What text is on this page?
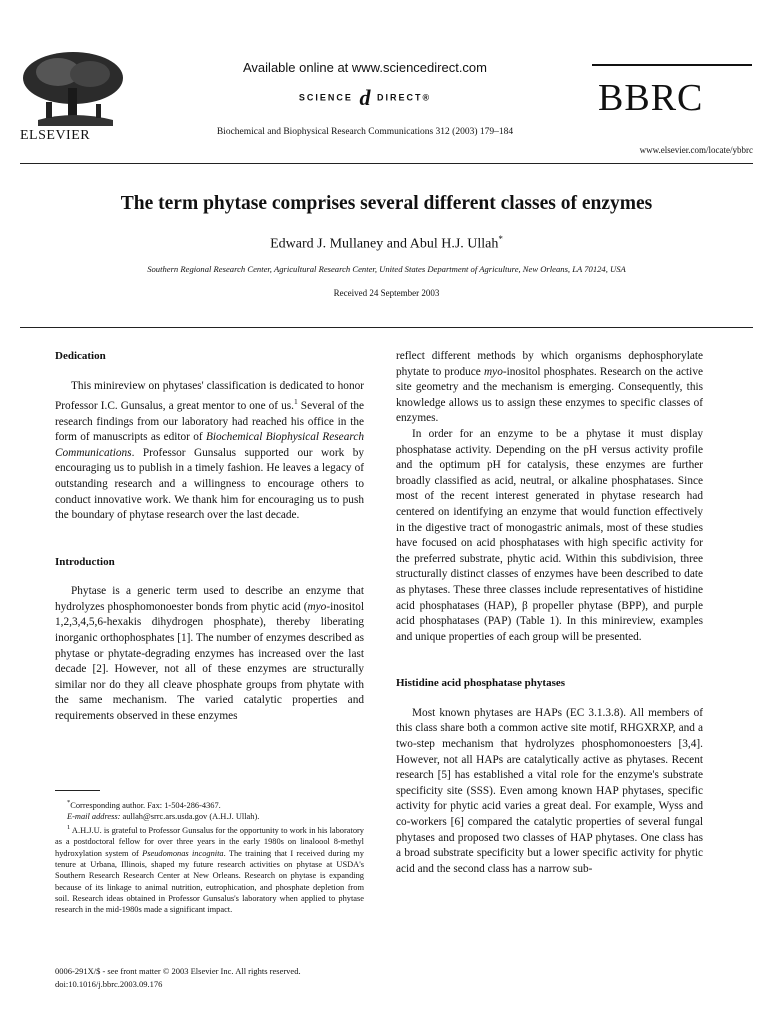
ELSEVIER
Available online at www.sciencedirect.com
SCIENCE d DIRECT®
Biochemical and Biophysical Research Communications 312 (2003) 179–184
BBRC
www.elsevier.com/locate/ybbrc
The term phytase comprises several different classes of enzymes
Edward J. Mullaney and Abul H.J. Ullah*
Southern Regional Research Center, Agricultural Research Center, United States Department of Agriculture, New Orleans, LA 70124, USA
Received 24 September 2003
Dedication

This minireview on phytases' classification is dedicated to honor Professor I.C. Gunsalus, a great mentor to one of us.$^1$ Several of the research findings from our laboratory had reached his office in the form of manuscripts as editor of Biochemical Biophysical Research Communications. Professor Gunsalus supported our work by encouraging us to publish in a timely fashion. He leaves a legacy of outstanding research and a willingness to encourage others to conduct innovative work. We thank him for encouraging us to push the boundary of phytase research over the last decade.

Introduction

Phytase is a generic term used to describe an enzyme that hydrolyzes phosphomonoester bonds from phytic acid (myo-inositol 1,2,3,4,5,6-hexakis dihydrogen phosphate), thereby liberating inorganic orthophosphates [1]. The number of enzymes described as phytase or phytate-degrading enzymes has increased over the last decade [2]. However, not all of these enzymes are structurally similar nor do they all cleave phosphate groups from phytate with the same mechanism. The varied catalytic properties and requirements observed in these enzymes

*Corresponding author. Fax: 1-504-286-4367.

E-mail address: aullah@srrc.ars.usda.gov (A.H.J. Ullah).

$^1$ A.H.J.U. is grateful to Professor Gunsalus for the opportunity to work in his laboratory as a postdoctoral fellow for over three years in the early 1980s on linaloool 8-methyl hydroxylation system of Pseudomonas incognita. The training that I received during my tenure at Urbana, Illinois, shaped my future research activities on phytase at USDA's Southern Research Research Center at New Orleans. Research on phytase is expanding because of its linkage to animal nutrition, eutrophication, and phosphate depletion from soil. Research ideas obtained in Professor Gunsalus's laboratory when applied to phytase research in the mid-1980s made a significant impact.

0006-291X/$ - see front matter © 2003 Elsevier Inc. All rights reserved.
doi:10.1016/j.bbrc.2003.09.176

reflect different methods by which organisms dephosphorylate phytate to produce myo-inositol phosphates. Research on the active site geometry and the mechanism is emerging. Consequently, this knowledge allows us to assign these enzymes to specific classes of enzymes.

In order for an enzyme to be a phytase it must display phosphatase activity. Depending on the pH versus activity profile and the optimum pH for catalysis, these enzymes are further broadly classified as acid, neutral, or alkaline phosphatases. Since most of the recent interest generated in phytase research had centered on identifying an enzyme that would function effectively in the digestive tract of monogastric animals, most of these studies have focused on acid phosphatases with high specific activity for the preferred substrate, phytic acid. Within this subdivision, three structurally distinct classes of enzymes have been described to date as phytases. These three classes include representatives of histidine acid phosphatases (HAP), β propeller phytase (BPP), and purple acid phosphatases (PAP) (Table 1). In this minireview, examples and unique properties of each group will be presented.

Histidine acid phosphatase phytases

Most known phytases are HAPs (EC 3.1.3.8). All members of this class share both a common active site motif, RHGXRXP, and a two-step mechanism that hydrolyzes phosphomonoesters [3,4]. However, not all HAPs are catalytically active as phytases. Recent research [5] has established a vital role for the enzyme's substrate specificity site (SSS). Even among known HAP phytases, specific activity for phytic acid varies a great deal. For example, Wyss and co-workers [6] compared the catalytic properties of several fungal phytases and proposed two classes of HAP phytases. One class has a broad substrate specificity but a lower specific activity for phytic acid and the second class has a narrow sub-
